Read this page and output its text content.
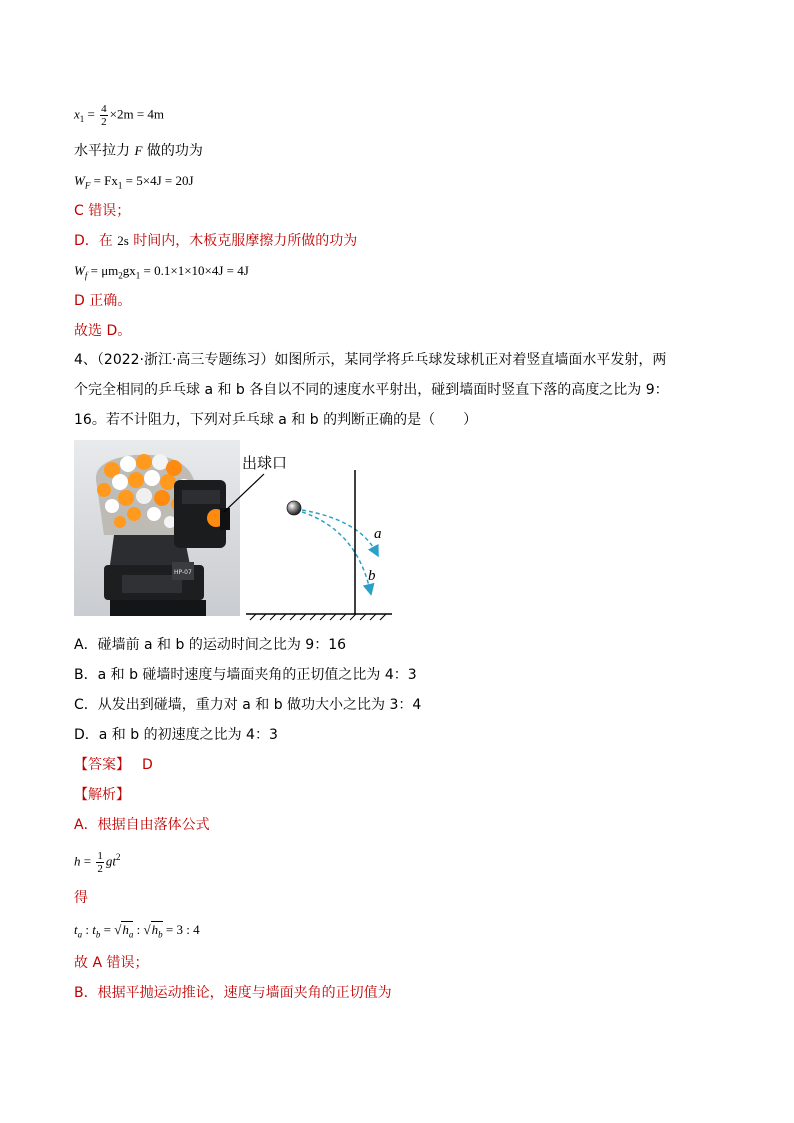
$x_1 = \frac{4}{2} \times 2m = 4m$
水平拉力 F 做的功为
$W_F = Fx_1 = 5\times 4J = 20J$
C 错误；
D．在 2s 时间内，木板克服摩擦力所做的功为
$W_f = \mu m_2gx_1 = 0.1\times 1\times 10\times 4J = 4J$
D 正确。
故选 D。
4、（2022·浙江·高三专题练习）如图所示，某同学将乒乓球发球机正对着竖直墙面水平发射，两
个完全相同的乒乓球 a 和 b 各自以不同的速度水平射出，碰到墙面时竖直下落的高度之比为 9：
16。若不计阻力，下列对乒乓球 a 和 b 的判断正确的是（　　）
HP-07
出球口
a
b
A．碰墙前 a 和 b 的运动时间之比为 9：16
B．a 和 b 碰墙时速度与墙面夹角的正切值之比为 4：3
C．从发出到碰墙，重力对 a 和 b 做功大小之比为 3：4
D．a 和 b 的初速度之比为 4：3
【答案】 D
【解析】
A．根据自由落体公式
$h = \frac{1}{2} gt^2$
得
$t_a$ : $t_b = √h_a$ : $√h_b = 3$ : 4
故 A 错误；
B．根据平抛运动推论，速度与墙面夹角的正切值为
